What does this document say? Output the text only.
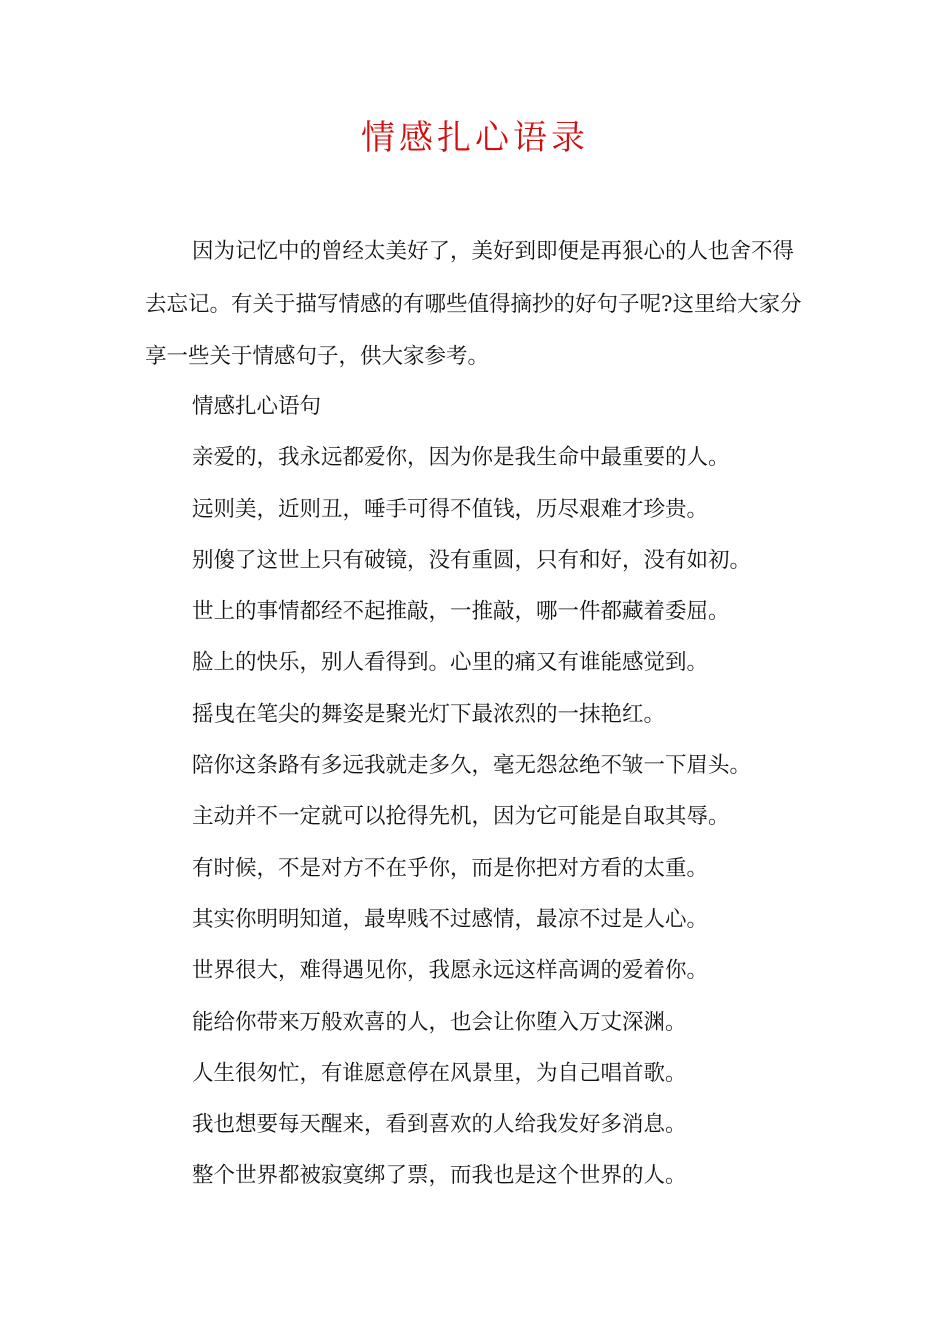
情感扎心语录

因为记忆中的曾经太美好了，美好到即便是再狠心的人也舍不得去忘记。有关于描写情感的有哪些值得摘抄的好句子呢?这里给大家分享一些关于情感句子，供大家参考。

情感扎心语句
亲爱的，我永远都爱你，因为你是我生命中最重要的人。
远则美，近则丑，唾手可得不值钱，历尽艰难才珍贵。
别傻了这世上只有破镜，没有重圆，只有和好，没有如初。
世上的事情都经不起推敲，一推敲，哪一件都藏着委屈。
脸上的快乐，别人看得到。心里的痛又有谁能感觉到。
摇曳在笔尖的舞姿是聚光灯下最浓烈的一抹艳红。
陪你这条路有多远我就走多久，毫无怨忿绝不皱一下眉头。
主动并不一定就可以抢得先机，因为它可能是自取其辱。
有时候，不是对方不在乎你，而是你把对方看的太重。
其实你明明知道，最卑贱不过感情，最凉不过是人心。
世界很大，难得遇见你，我愿永远这样高调的爱着你。
能给你带来万般欢喜的人，也会让你堕入万丈深渊。
人生很匆忙，有谁愿意停在风景里，为自己唱首歌。
我也想要每天醒来，看到喜欢的人给我发好多消息。
整个世界都被寂寞绑了票，而我也是这个世界的人。
